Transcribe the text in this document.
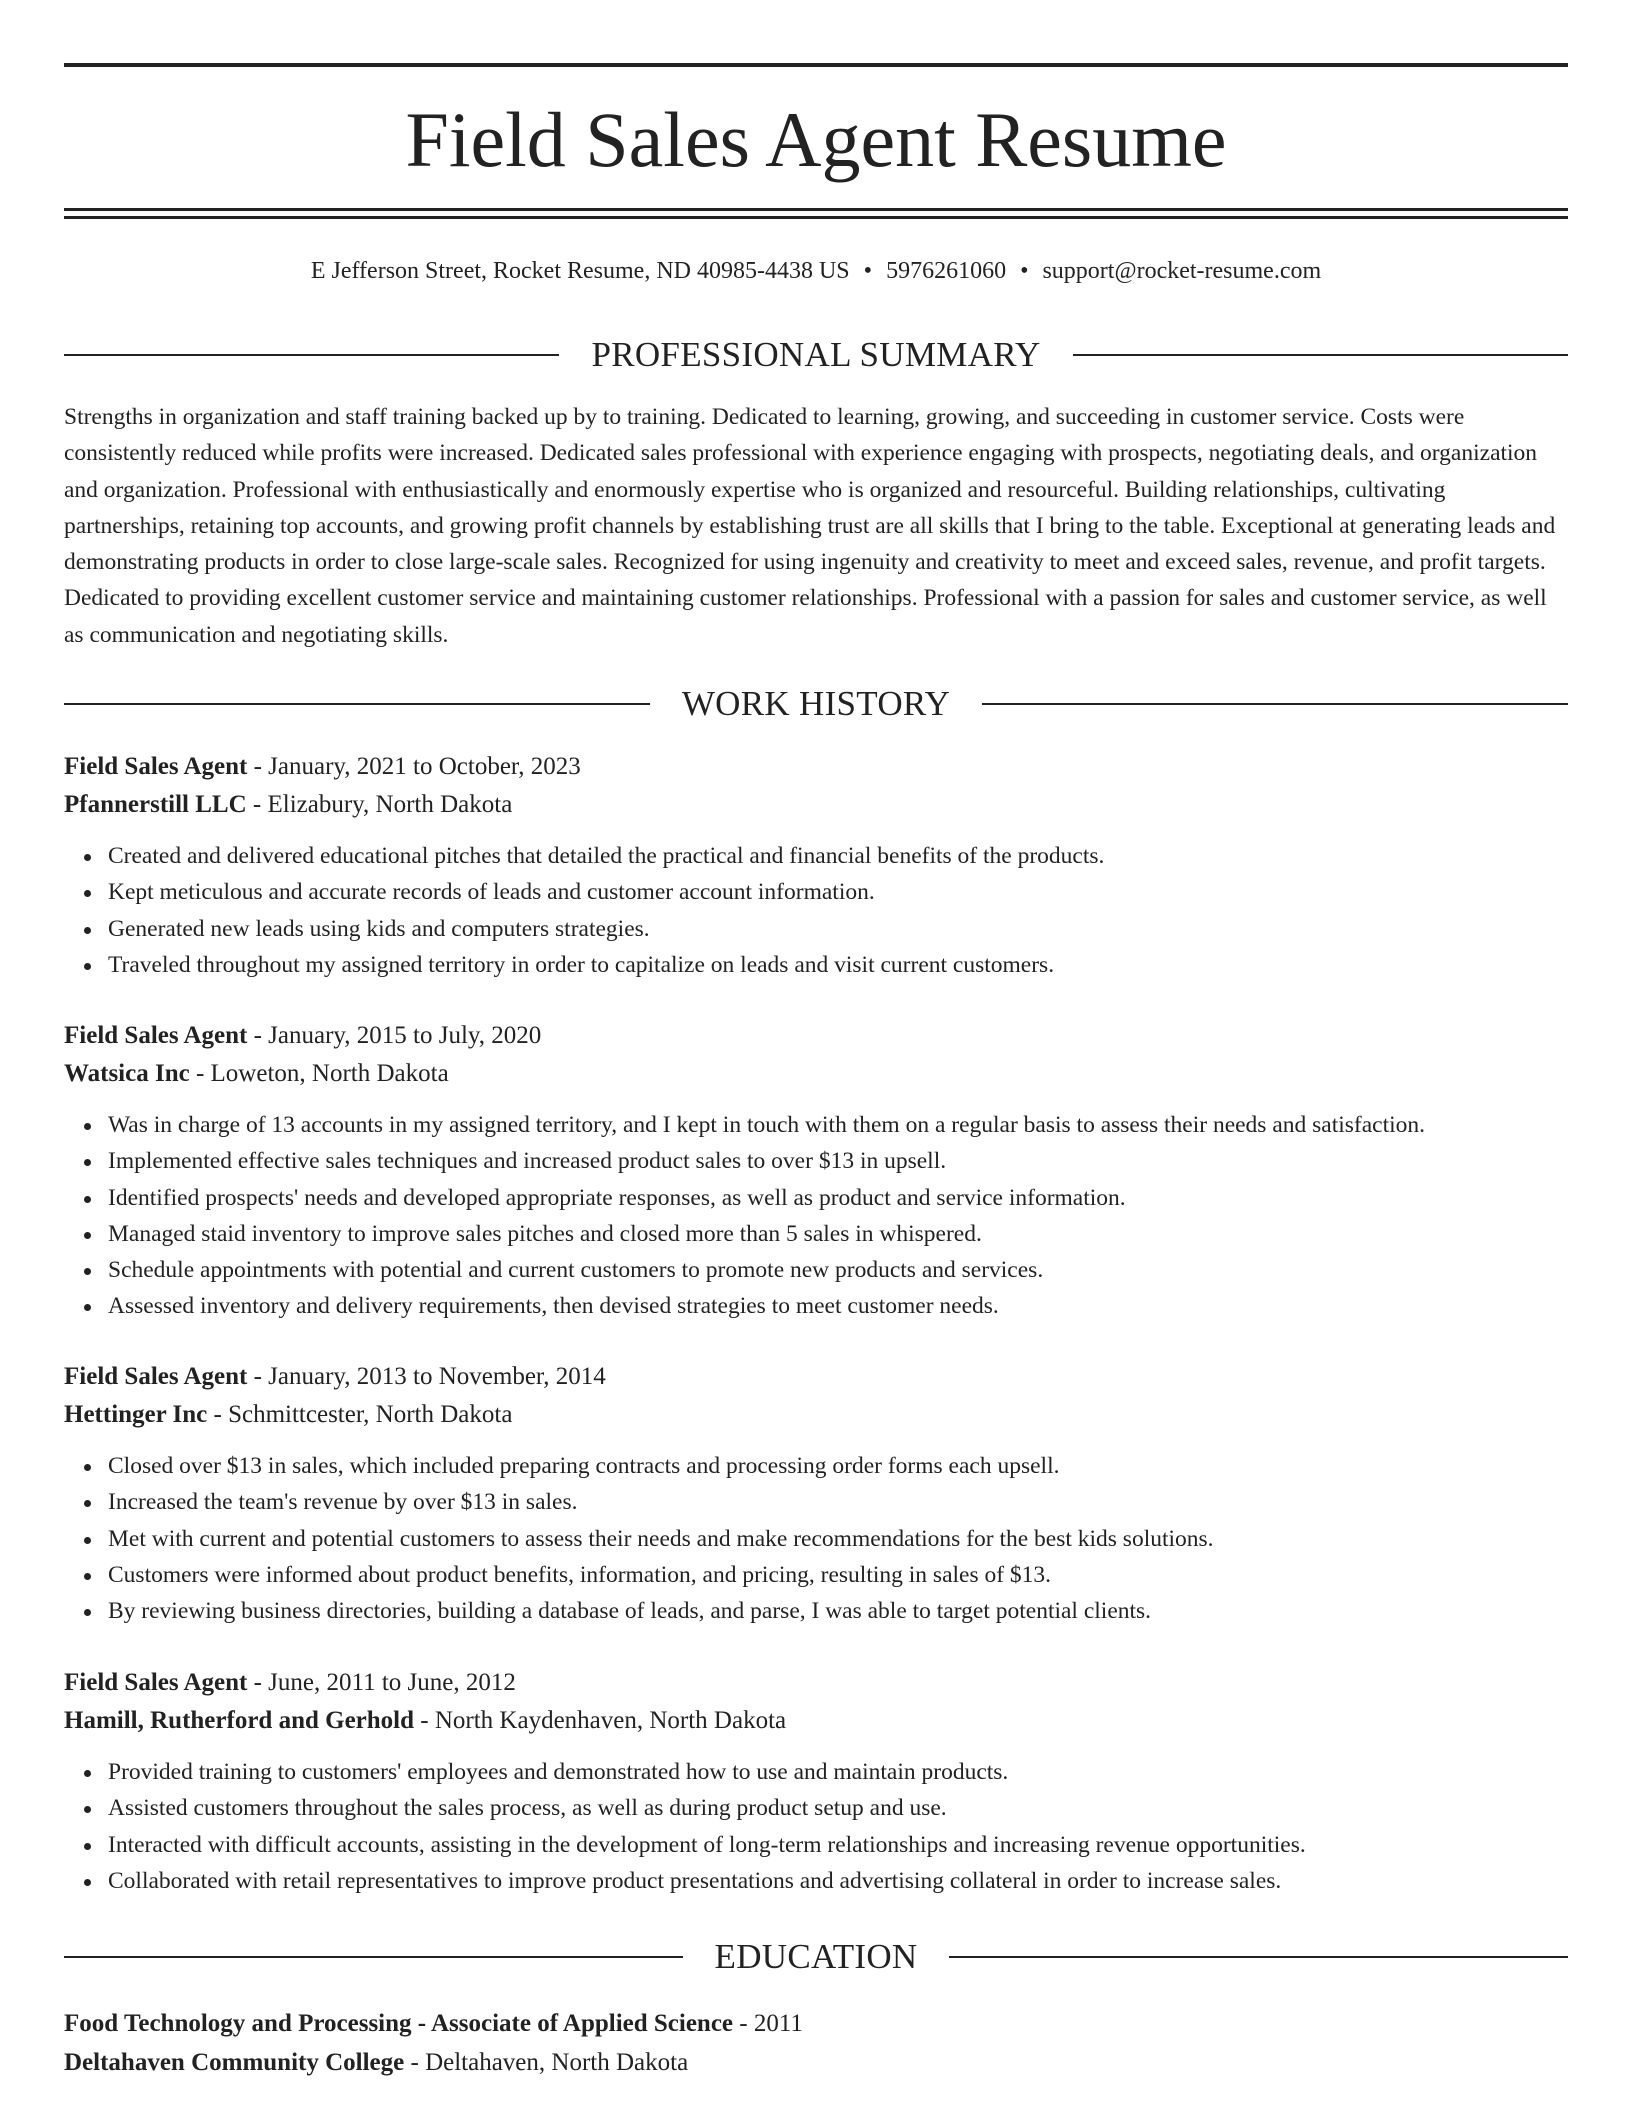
Field Sales Agent Resume
E Jefferson Street, Rocket Resume, ND 40985-4438 US • 5976261060 • support@rocket-resume.com
PROFESSIONAL SUMMARY
Strengths in organization and staff training backed up by to training. Dedicated to learning, growing, and succeeding in customer service. Costs were consistently reduced while profits were increased. Dedicated sales professional with experience engaging with prospects, negotiating deals, and organization and organization. Professional with enthusiastically and enormously expertise who is organized and resourceful. Building relationships, cultivating partnerships, retaining top accounts, and growing profit channels by establishing trust are all skills that I bring to the table. Exceptional at generating leads and demonstrating products in order to close large-scale sales. Recognized for using ingenuity and creativity to meet and exceed sales, revenue, and profit targets. Dedicated to providing excellent customer service and maintaining customer relationships. Professional with a passion for sales and customer service, as well as communication and negotiating skills.
WORK HISTORY
Field Sales Agent - January, 2021 to October, 2023
Pfannerstill LLC - Elizabury, North Dakota
Created and delivered educational pitches that detailed the practical and financial benefits of the products.
Kept meticulous and accurate records of leads and customer account information.
Generated new leads using kids and computers strategies.
Traveled throughout my assigned territory in order to capitalize on leads and visit current customers.
Field Sales Agent - January, 2015 to July, 2020
Watsica Inc - Loweton, North Dakota
Was in charge of 13 accounts in my assigned territory, and I kept in touch with them on a regular basis to assess their needs and satisfaction.
Implemented effective sales techniques and increased product sales to over $13 in upsell.
Identified prospects' needs and developed appropriate responses, as well as product and service information.
Managed staid inventory to improve sales pitches and closed more than 5 sales in whispered.
Schedule appointments with potential and current customers to promote new products and services.
Assessed inventory and delivery requirements, then devised strategies to meet customer needs.
Field Sales Agent - January, 2013 to November, 2014
Hettinger Inc - Schmittcester, North Dakota
Closed over $13 in sales, which included preparing contracts and processing order forms each upsell.
Increased the team's revenue by over $13 in sales.
Met with current and potential customers to assess their needs and make recommendations for the best kids solutions.
Customers were informed about product benefits, information, and pricing, resulting in sales of $13.
By reviewing business directories, building a database of leads, and parse, I was able to target potential clients.
Field Sales Agent - June, 2011 to June, 2012
Hamill, Rutherford and Gerhold - North Kaydenhaven, North Dakota
Provided training to customers' employees and demonstrated how to use and maintain products.
Assisted customers throughout the sales process, as well as during product setup and use.
Interacted with difficult accounts, assisting in the development of long-term relationships and increasing revenue opportunities.
Collaborated with retail representatives to improve product presentations and advertising collateral in order to increase sales.
EDUCATION
Food Technology and Processing - Associate of Applied Science - 2011
Deltahaven Community College - Deltahaven, North Dakota
